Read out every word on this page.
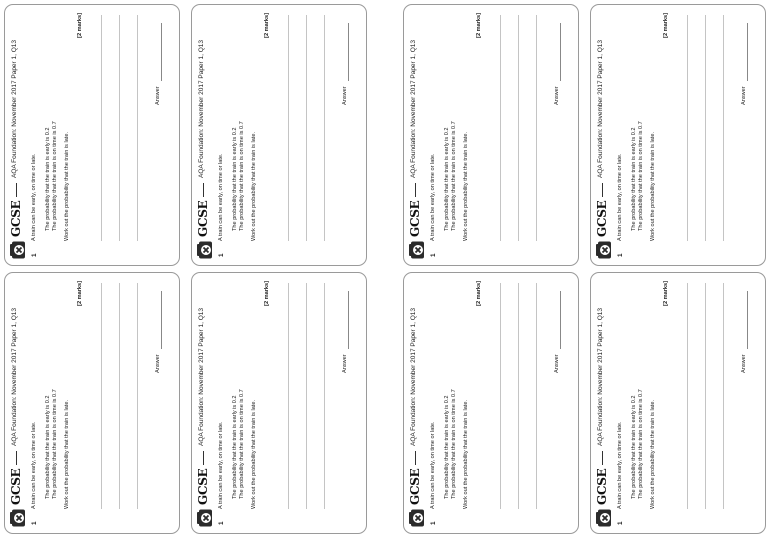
GCSE
AQA Foundation: November 2017 Paper 1, Q13
1
A train can be early, on time or late. The probability that the train is early is 0.2 The probability that the train is on time is 0.7 Work out the probability that the train is late.
[2 marks]
Answer
GCSE
AQA Foundation: November 2017 Paper 1, Q13
1
A train can be early, on time or late. The probability that the train is early is 0.2 The probability that the train is on time is 0.7 Work out the probability that the train is late.
[2 marks]
Answer
GCSE
AQA Foundation: November 2017 Paper 1, Q13
1
A train can be early, on time or late. The probability that the train is early is 0.2 The probability that the train is on time is 0.7 Work out the probability that the train is late.
[2 marks]
Answer
GCSE
AQA Foundation: November 2017 Paper 1, Q13
1
A train can be early, on time or late. The probability that the train is early is 0.2 The probability that the train is on time is 0.7 Work out the probability that the train is late.
[2 marks]
Answer
GCSE
AQA Foundation: November 2017 Paper 1, Q13
1
A train can be early, on time or late. The probability that the train is early is 0.2 The probability that the train is on time is 0.7 Work out the probability that the train is late.
[2 marks]
Answer
GCSE
AQA Foundation: November 2017 Paper 1, Q13
1
A train can be early, on time or late. The probability that the train is early is 0.2 The probability that the train is on time is 0.7 Work out the probability that the train is late.
[2 marks]
Answer
GCSE
AQA Foundation: November 2017 Paper 1, Q13
1
A train can be early, on time or late. The probability that the train is early is 0.2 The probability that the train is on time is 0.7 Work out the probability that the train is late.
[2 marks]
Answer
GCSE
AQA Foundation: November 2017 Paper 1, Q13
1
A train can be early, on time or late. The probability that the train is early is 0.2 The probability that the train is on time is 0.7 Work out the probability that the train is late.
[2 marks]
Answer
